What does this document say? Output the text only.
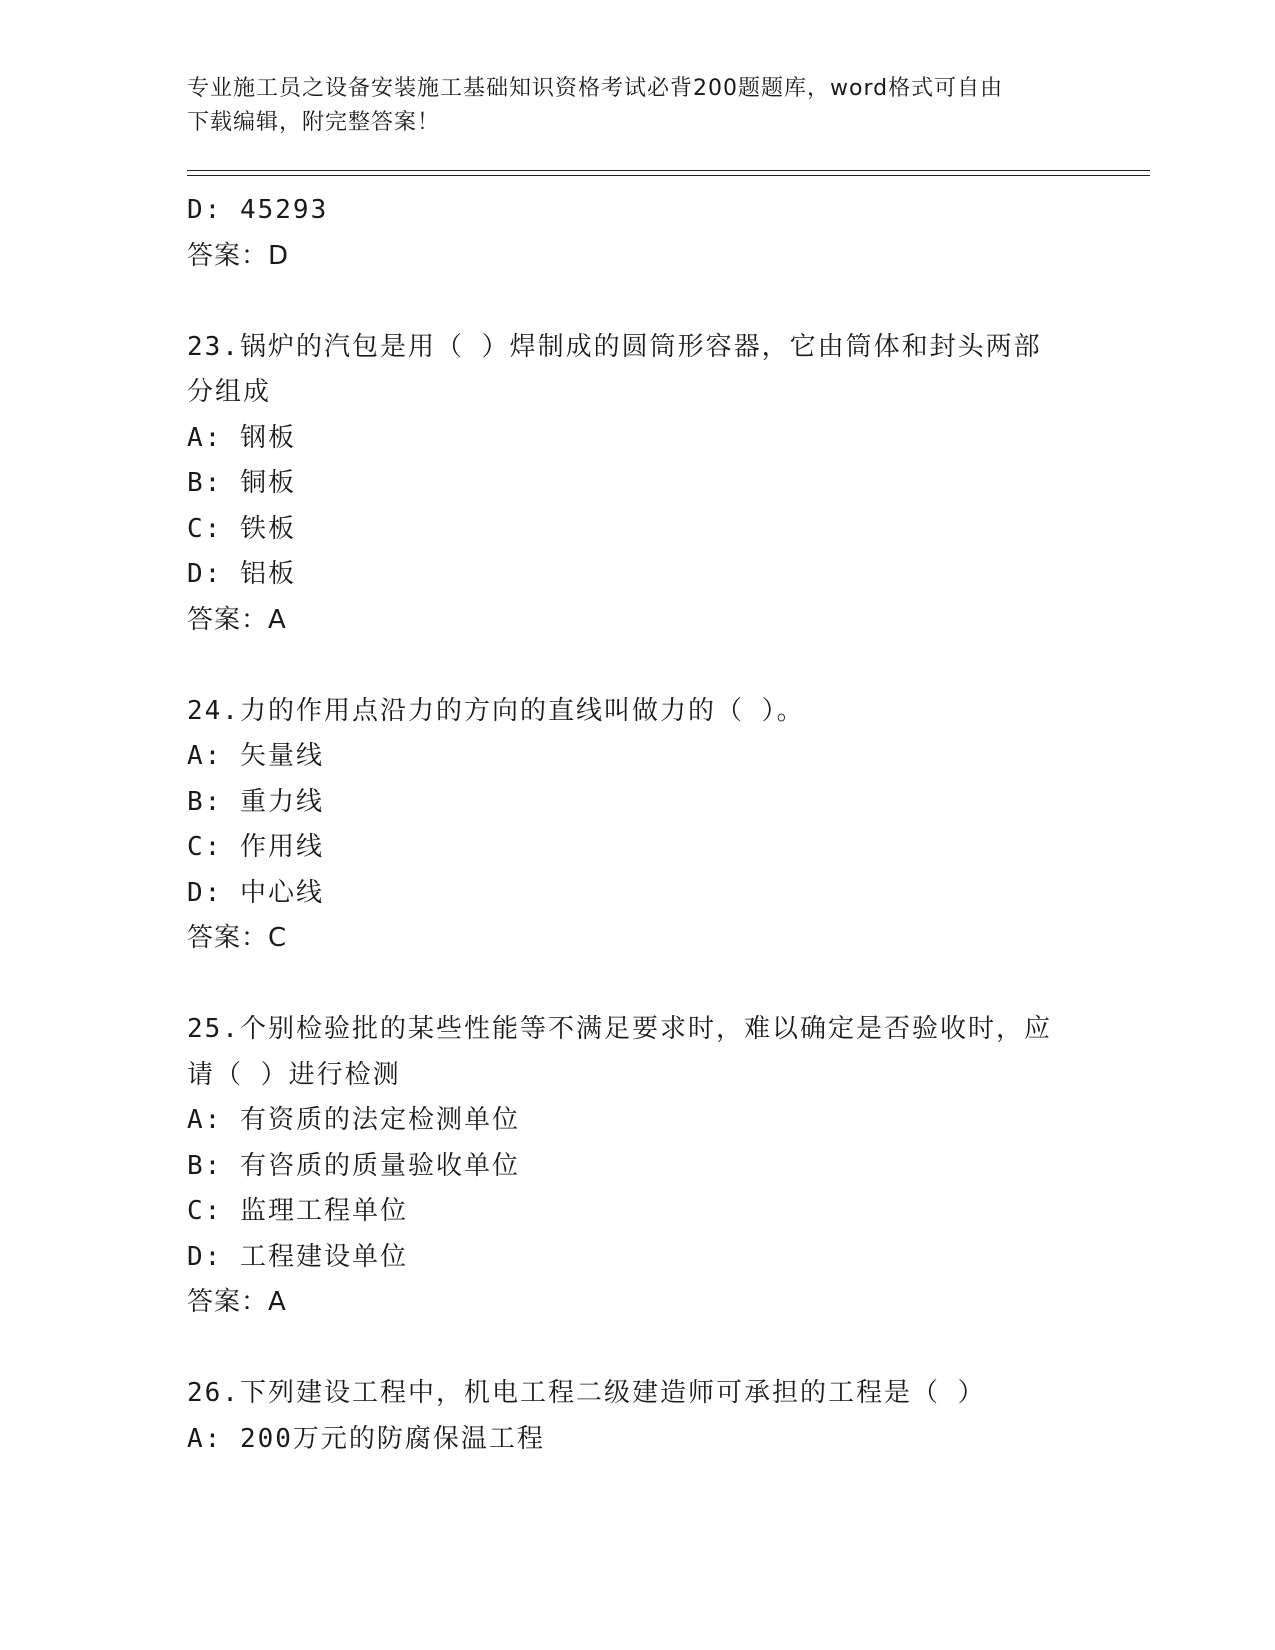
专业施工员之设备安装施工基础知识资格考试必背200题题库，word格式可自由
下载编辑，附完整答案！
D: 45293
答案：D
23.锅炉的汽包是用（ ）焊制成的圆筒形容器，它由筒体和封头两部
分组成
A: 钢板
B: 铜板
C: 铁板
D: 铝板
答案：A
24.力的作用点沿力的方向的直线叫做力的（ ）。
A: 矢量线
B: 重力线
C: 作用线
D: 中心线
答案：C
25.个别检验批的某些性能等不满足要求时，难以确定是否验收时，应
请（ ）进行检测
A: 有资质的法定检测单位
B: 有咨质的质量验收单位
C: 监理工程单位
D: 工程建设单位
答案：A
26.下列建设工程中，机电工程二级建造师可承担的工程是（ ）
A: 200万元的防腐保温工程
